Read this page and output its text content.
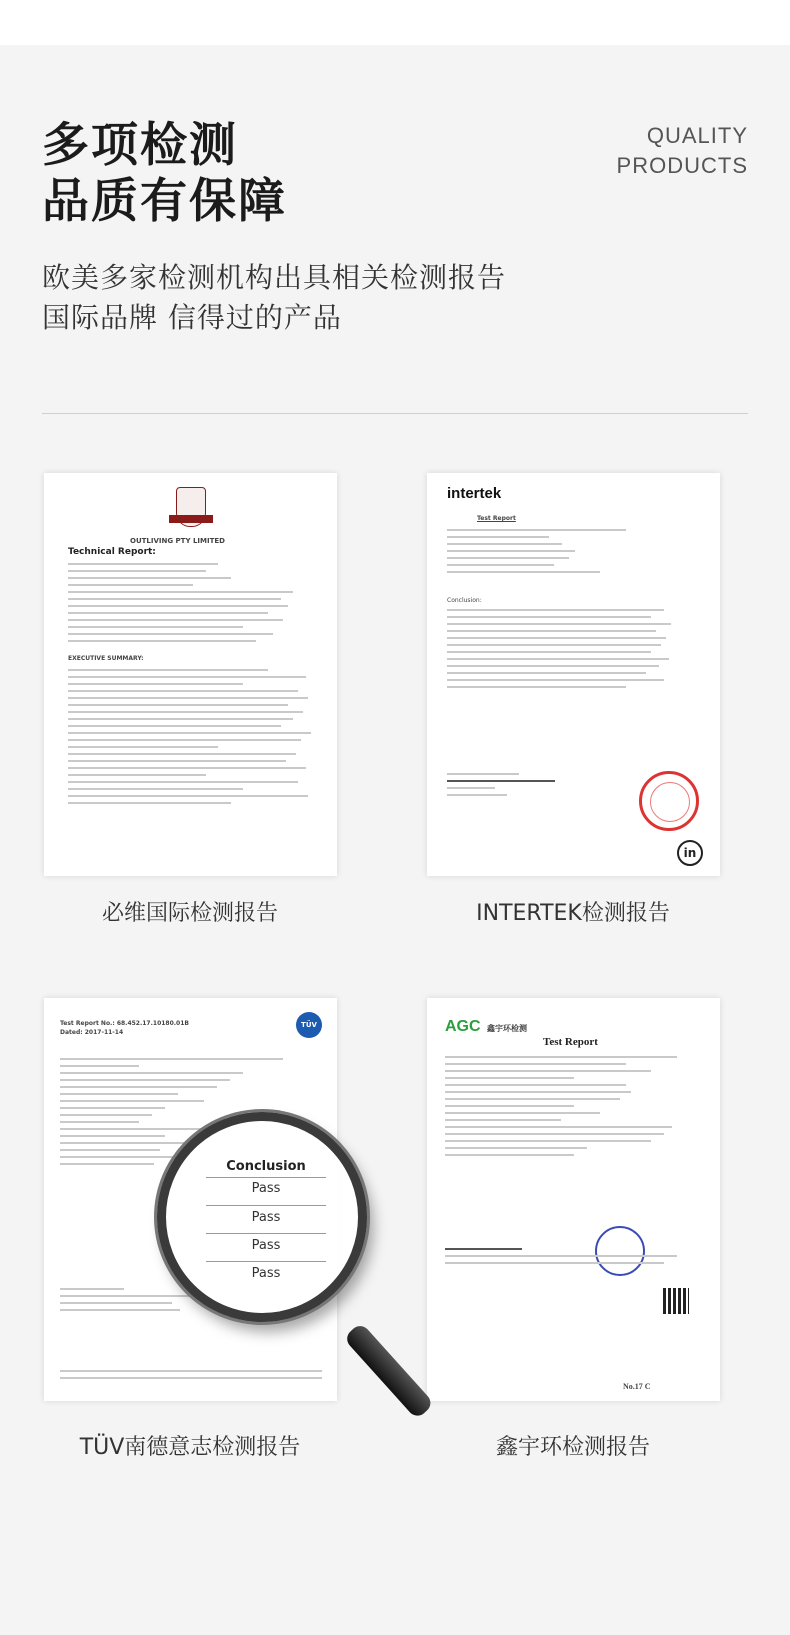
多项检测
品质有保障
QUALITY
PRODUCTS
欧美多家检测机构出具相关检测报告
国际品牌 信得过的产品
OUTLIVING PTY LIMITED
Technical Report:
EXECUTIVE SUMMARY:
必维国际检测报告
intertek
Test Report
Conclusion:
in
INTERTEK检测报告
Test Report No.: 68.452.17.10180.01B
Dated: 2017-11-14
TÜV
TÜV南德意志检测报告
AGC 鑫宇环检测
Test Report
No.17 C
鑫宇环检测报告
Conclusion
Pass
Pass
Pass
Pass
